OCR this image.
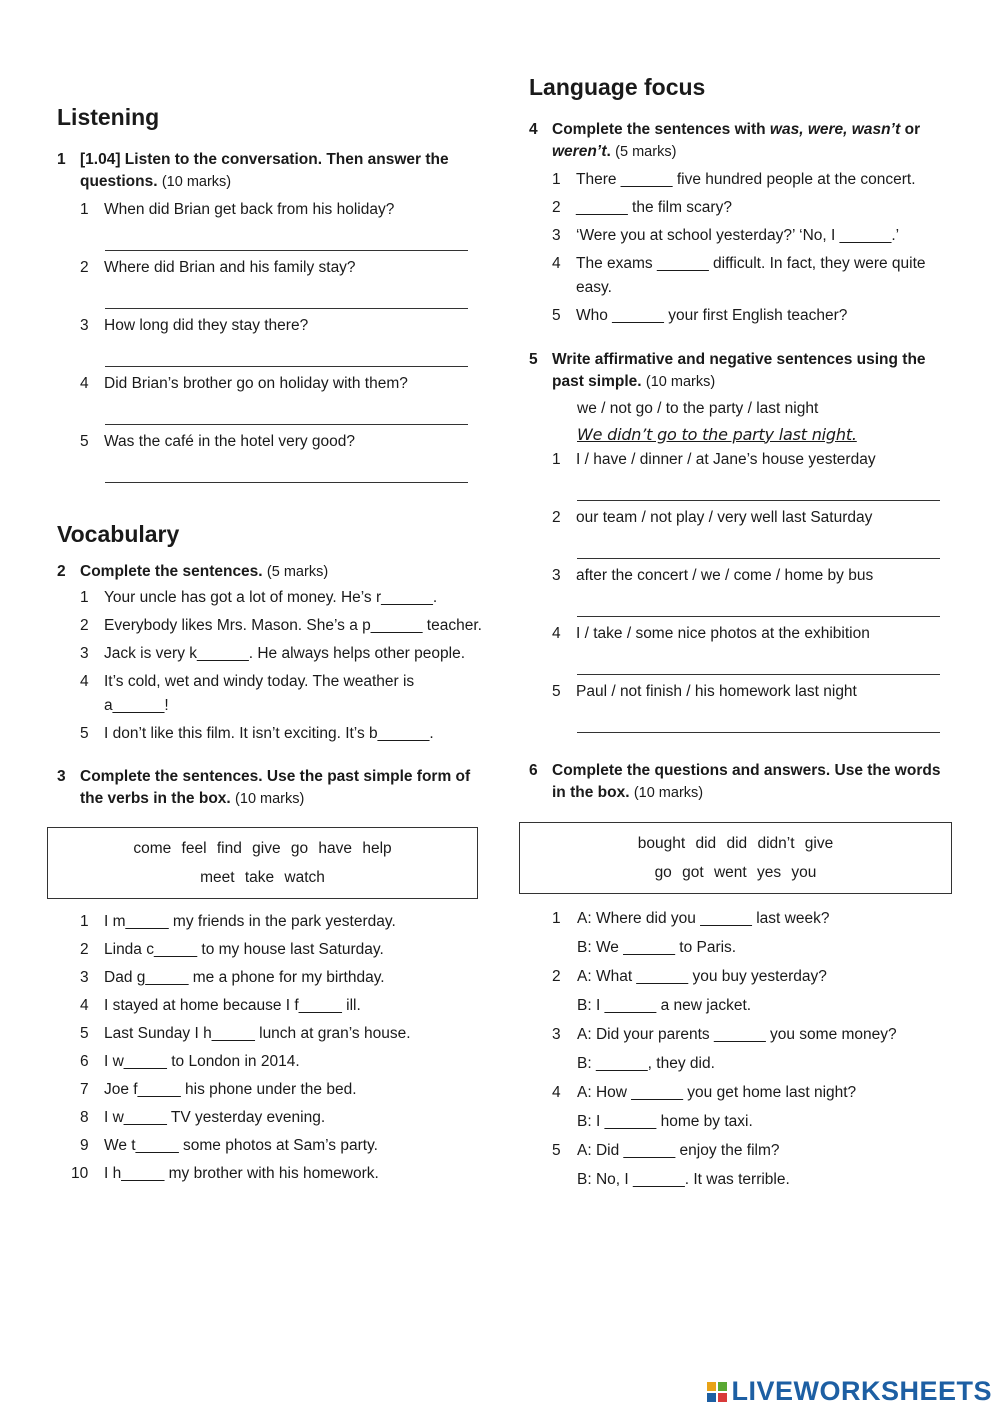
Listening
1 [1.04] Listen to the conversation. Then answer the questions. (10 marks)
1 When did Brian get back from his holiday?
2 Where did Brian and his family stay?
3 How long did they stay there?
4 Did Brian’s brother go on holiday with them?
5 Was the café in the hotel very good?
Vocabulary
2 Complete the sentences. (5 marks)
1 Your uncle has got a lot of money. He’s r______.
2 Everybody likes Mrs. Mason. She’s a p______ teacher.
3 Jack is very k______. He always helps other people.
4 It’s cold, wet and windy today. The weather is a______!
5 I don’t like this film. It isn’t exciting. It’s b______.
3 Complete the sentences. Use the past simple form of the verbs in the box. (10 marks)
come feel find give go have help
meet take watch
1 I m_____ my friends in the park yesterday.
2 Linda c_____ to my house last Saturday.
3 Dad g_____ me a phone for my birthday.
4 I stayed at home because I f_____ ill.
5 Last Sunday I h_____ lunch at gran’s house.
6 I w_____ to London in 2014.
7 Joe f_____ his phone under the bed.
8 I w_____ TV yesterday evening.
9 We t_____ some photos at Sam’s party.
10	I h_____ my brother with his homework.
Language focus
4 Complete the sentences with was, were, wasn’t or weren’t. (5 marks)
1 There ______ five hundred people at the concert.
2 ______ the film scary?
3 ‘Were you at school yesterday?’ ‘No, I ______.’
4 The exams ______ difficult. In fact, they were quite easy.
5 Who ______ your first English teacher?
5 Write affirmative and negative sentences using the past simple. (10 marks)
we / not go / to the party / last night
We didn’t go to the party last night.
1 I / have / dinner / at Jane’s house yesterday
2 our team / not play / very well last Saturday
3 after the concert / we / come / home by bus
4 I / take / some nice photos at the exhibition
5 Paul / not finish / his homework last night
6 Complete the questions and answers. Use the words in the box. (10 marks)
bought did did didn’t give
go got went yes you
1	A: Where did you ______ last week?
B: We ______ to Paris.
2	A: What ______ you buy yesterday?
B: I ______ a new jacket.
3	A: Did your parents ______ you some money?
B: ______, they did.
4	A: How ______ you get home last night?
B: I ______ home by taxi.
5	A: Did ______ enjoy the film?
B: No, I ______. It was terrible.
LIVEWORKSHEETS
